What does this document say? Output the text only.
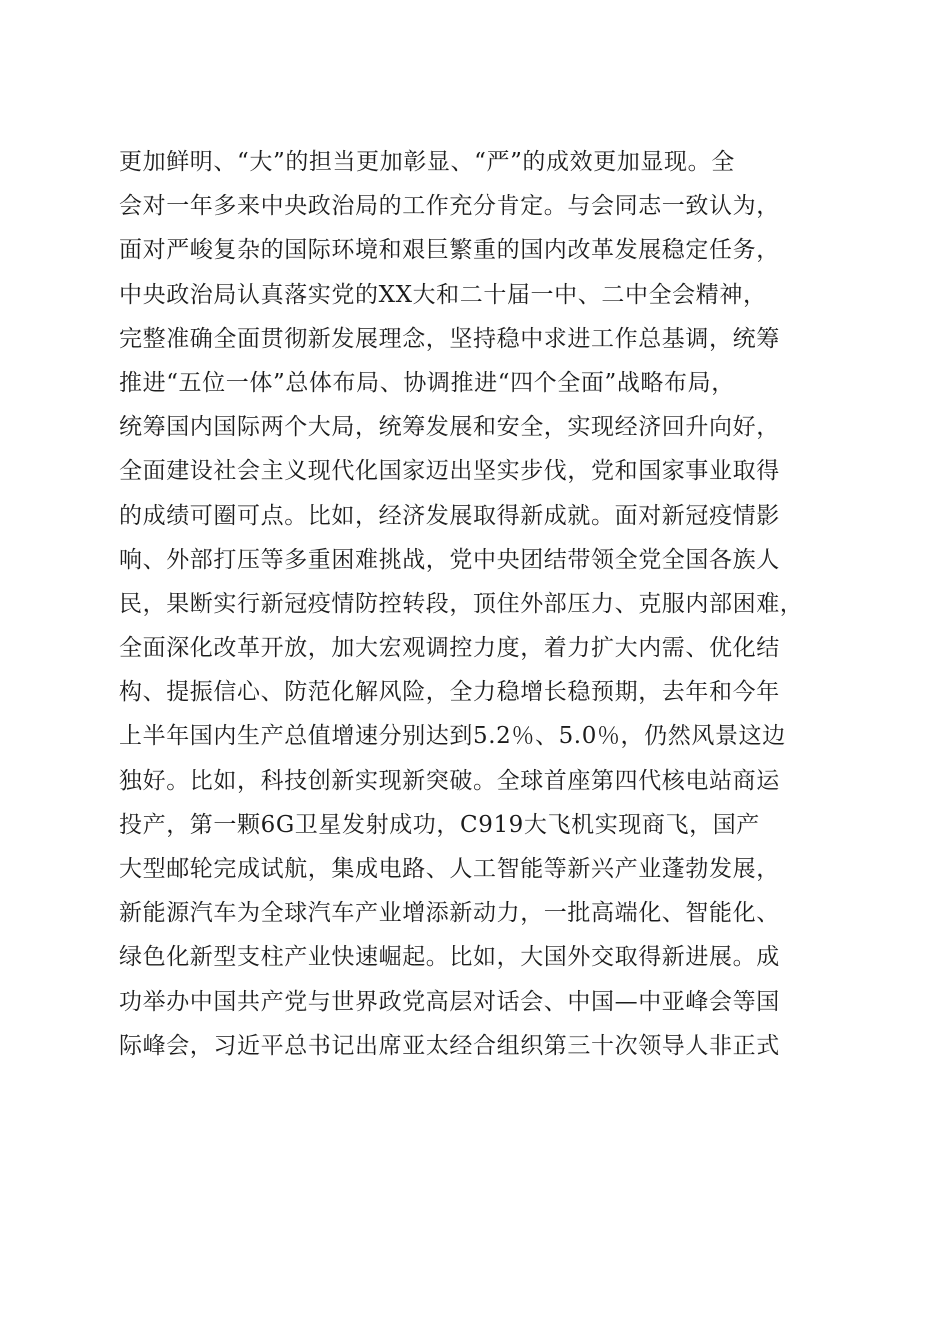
更加鲜明、“大”的担当更加彰显、“严”的成效更加显现。全
会对一年多来中央政治局的工作充分肯定。与会同志一致认为，
面对严峻复杂的国际环境和艰巨繁重的国内改革发展稳定任务，
中央政治局认真落实党的XX大和二十届一中、二中全会精神，
完整准确全面贯彻新发展理念，坚持稳中求进工作总基调，统筹
推进“五位一体”总体布局、协调推进“四个全面”战略布局，
统筹国内国际两个大局，统筹发展和安全，实现经济回升向好，
全面建设社会主义现代化国家迈出坚实步伐，党和国家事业取得
的成绩可圈可点。比如，经济发展取得新成就。面对新冠疫情影
响、外部打压等多重困难挑战，党中央团结带领全党全国各族人
民，果断实行新冠疫情防控转段，顶住外部压力、克服内部困难，
全面深化改革开放，加大宏观调控力度，着力扩大内需、优化结
构、提振信心、防范化解风险，全力稳增长稳预期，去年和今年
上半年国内生产总值增速分别达到5.2％、5.0％，仍然风景这边
独好。比如，科技创新实现新突破。全球首座第四代核电站商运
投产，第一颗6G卫星发射成功，C919大飞机实现商飞，国产
大型邮轮完成试航，集成电路、人工智能等新兴产业蓬勃发展，
新能源汽车为全球汽车产业增添新动力，一批高端化、智能化、
绿色化新型支柱产业快速崛起。比如，大国外交取得新进展。成
功举办中国共产党与世界政党高层对话会、中国—中亚峰会等国
际峰会，习近平总书记出席亚太经合组织第三十次领导人非正式
